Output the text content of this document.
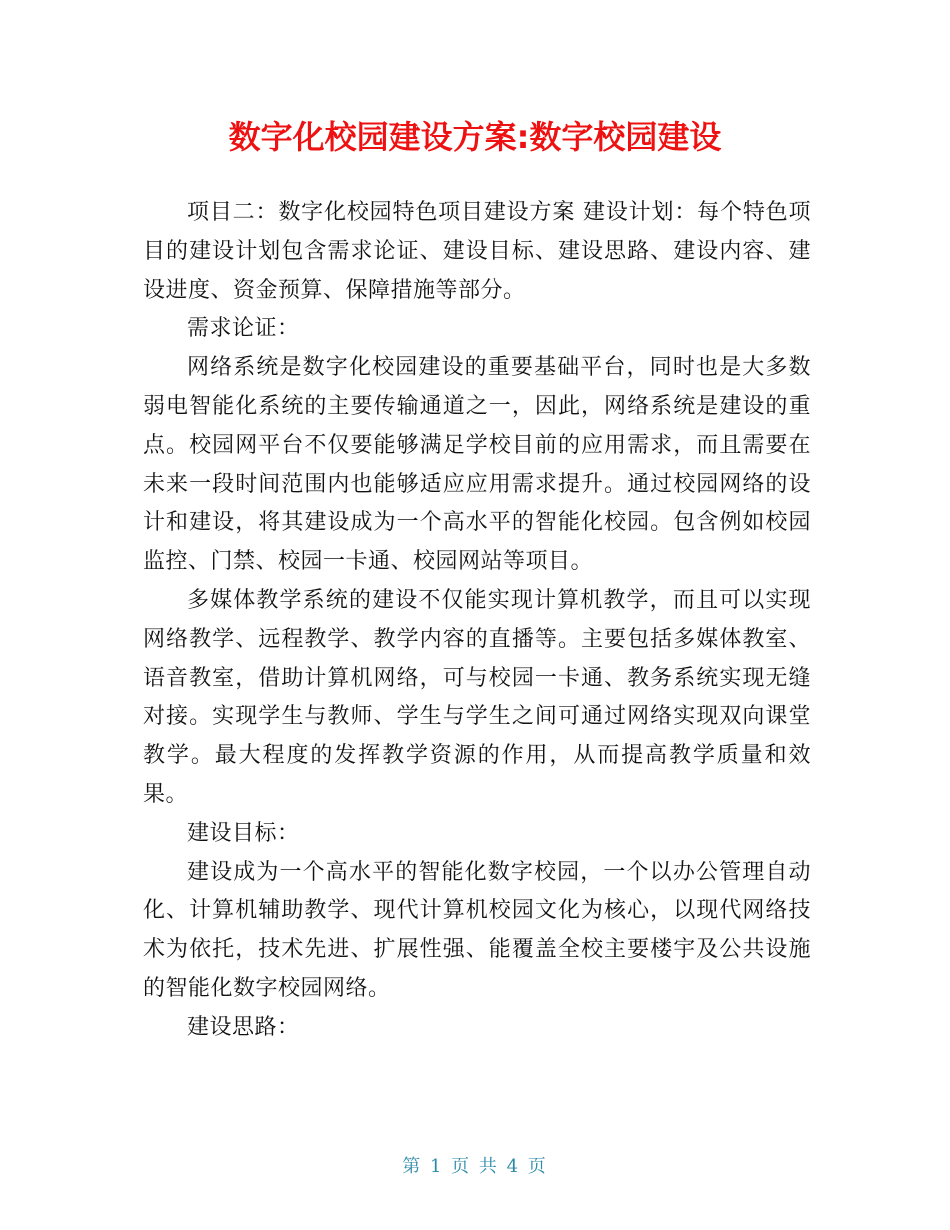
数字化校园建设方案:数字校园建设

项目二：数字化校园特色项目建设方案 建设计划：每个特色项目的建设计划包含需求论证、建设目标、建设思路、建设内容、建设进度、资金预算、保障措施等部分。

需求论证：

网络系统是数字化校园建设的重要基础平台，同时也是大多数弱电智能化系统的主要传输通道之一，因此，网络系统是建设的重点。校园网平台不仅要能够满足学校目前的应用需求，而且需要在未来一段时间范围内也能够适应应用需求提升。通过校园网络的设计和建设，将其建设成为一个高水平的智能化校园。包含例如校园监控、门禁、校园一卡通、校园网站等项目。

多媒体教学系统的建设不仅能实现计算机教学，而且可以实现网络教学、远程教学、教学内容的直播等。主要包括多媒体教室、语音教室，借助计算机网络，可与校园一卡通、教务系统实现无缝对接。实现学生与教师、学生与学生之间可通过网络实现双向课堂教学。最大程度的发挥教学资源的作用，从而提高教学质量和效果。

建设目标：

建设成为一个高水平的智能化数字校园，一个以办公管理自动化、计算机辅助教学、现代计算机校园文化为核心，以现代网络技术为依托，技术先进、扩展性强、能覆盖全校主要楼宇及公共设施的智能化数字校园网络。

建设思路：

第 1 页 共 4 页
